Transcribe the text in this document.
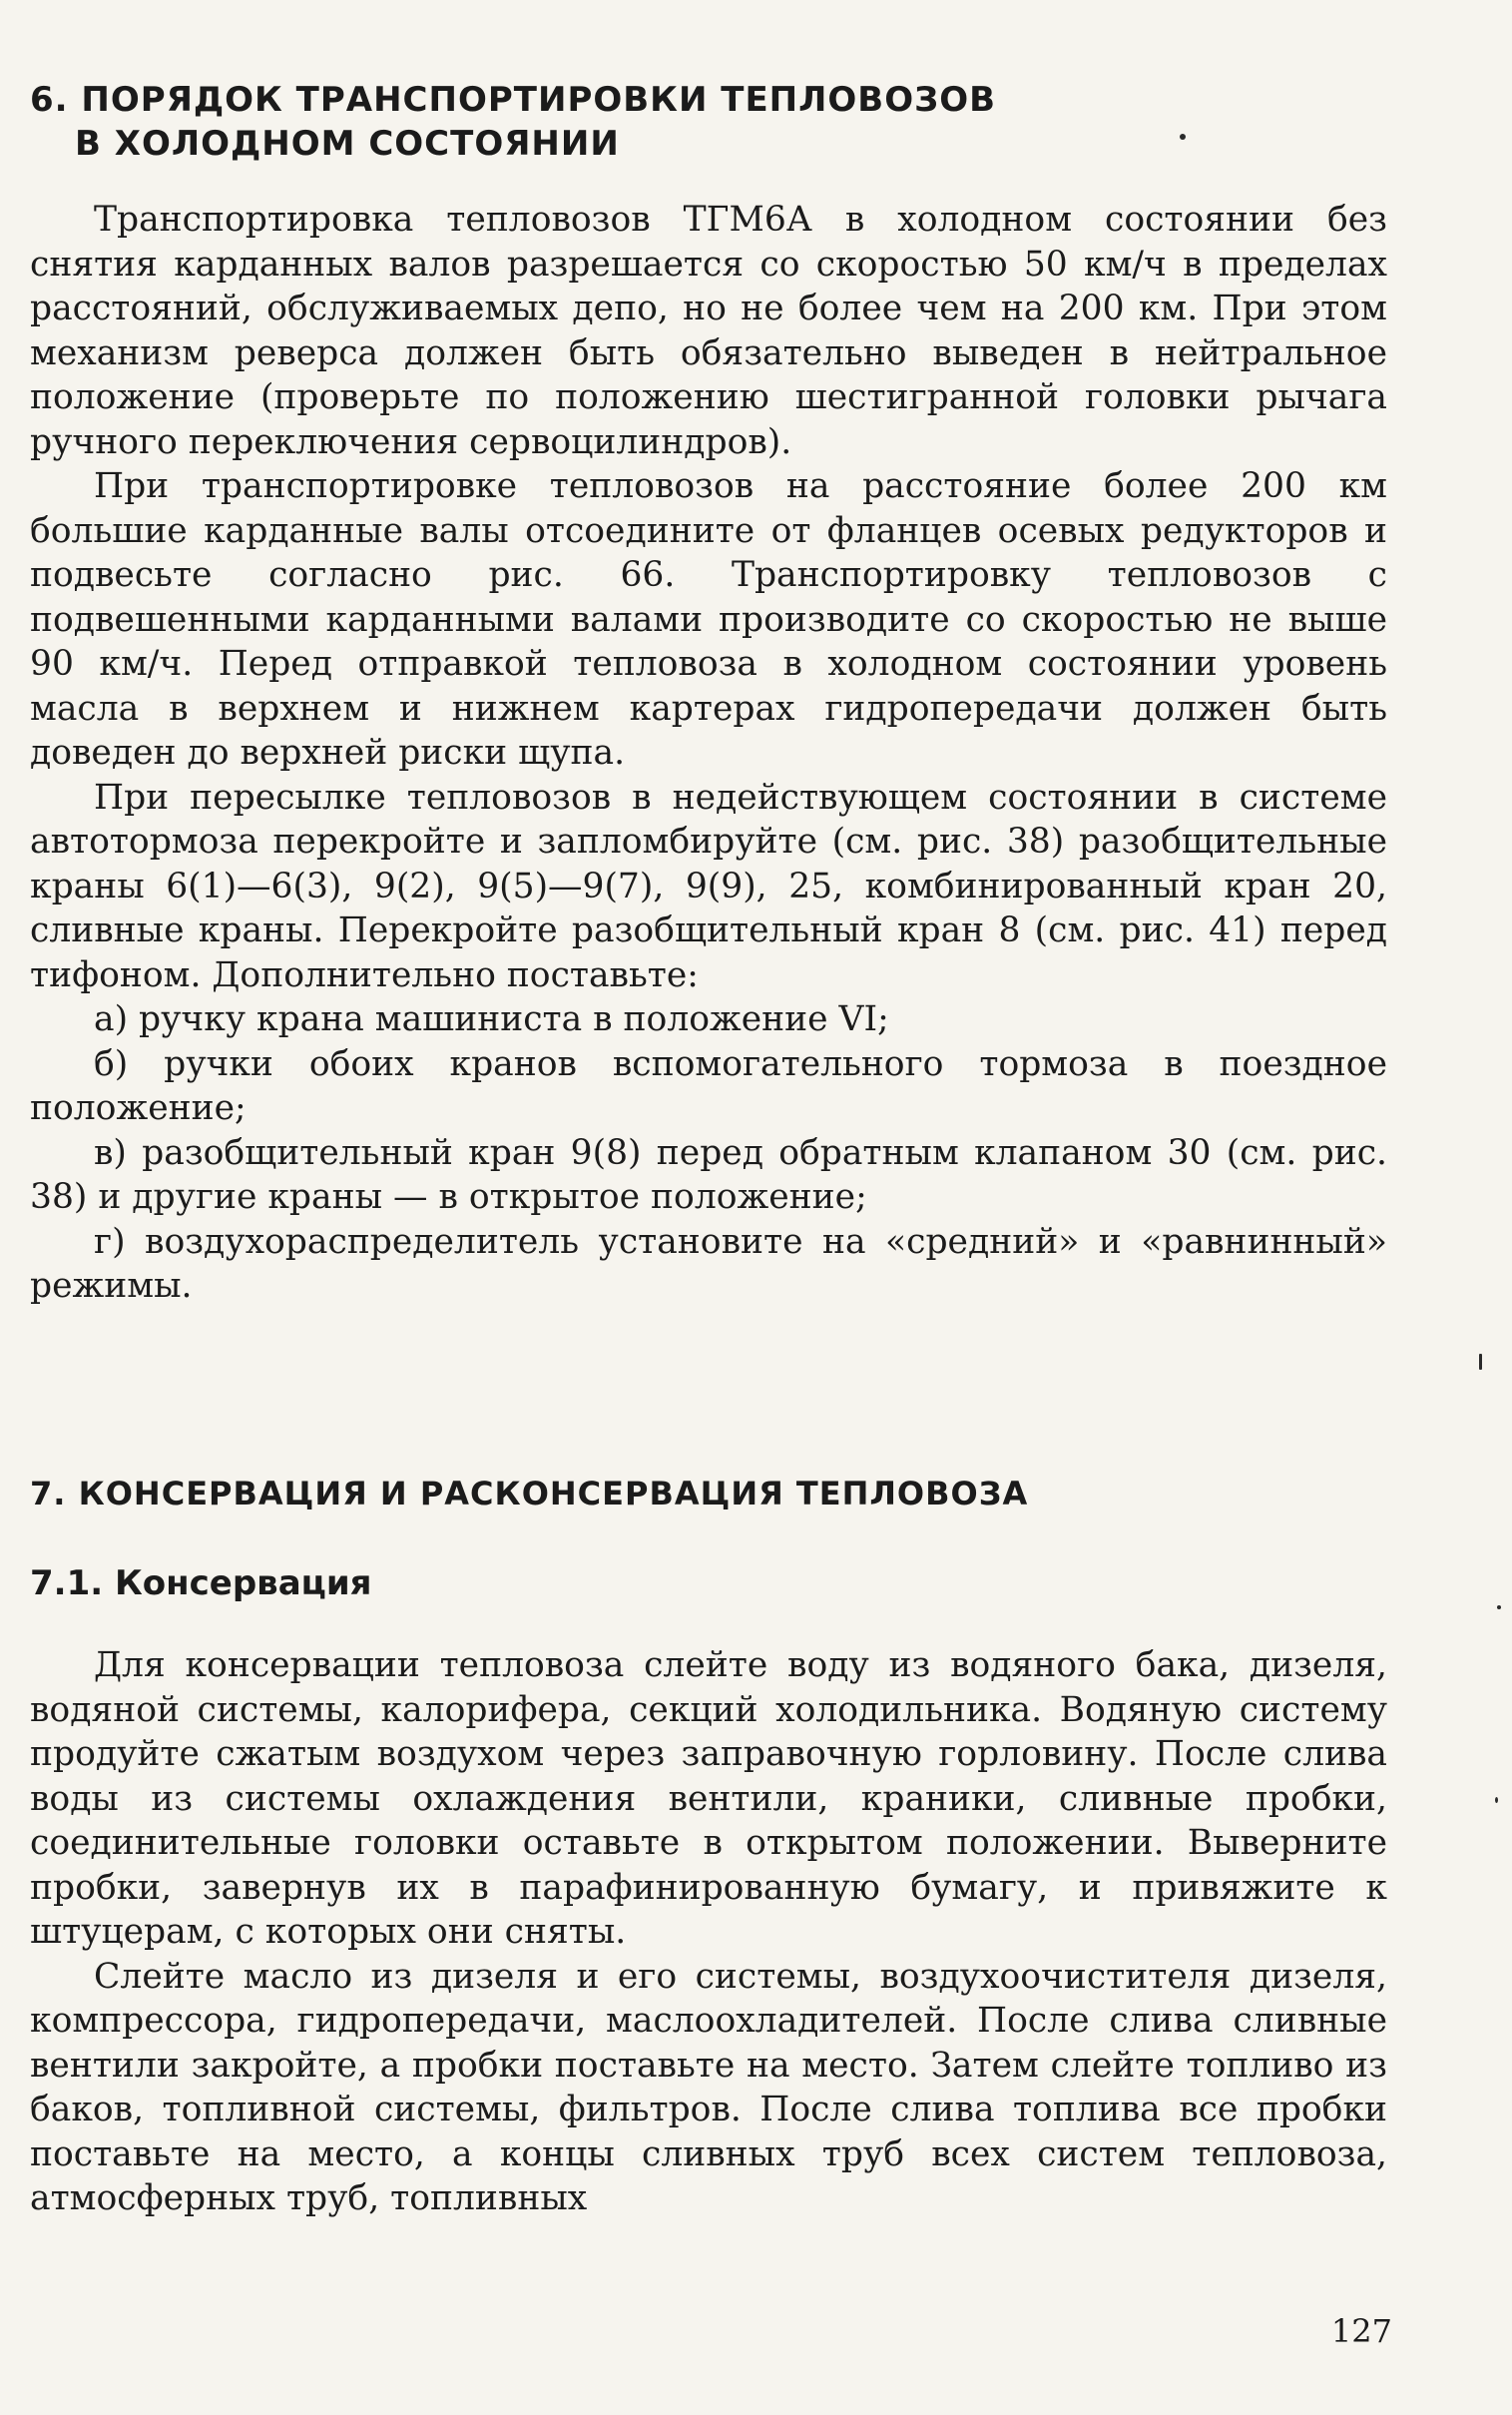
6. ПОРЯДОК ТРАНСПОРТИРОВКИ ТЕПЛОВОЗОВ
В ХОЛОДНОМ СОСТОЯНИИ

Транспортировка тепловозов ТГМ6А в холодном состоянии без снятия карданных валов разрешается со скоростью 50 км/ч в пределах расстояний, обслуживаемых депо, но не более чем на 200 км. При этом механизм реверса должен быть обязательно выведен в нейтральное положение (проверьте по положению шестигранной головки рычага ручного переключения сервоцилиндров).

При транспортировке тепловозов на расстояние более 200 км большие карданные валы отсоедините от фланцев осевых редукторов и подвесьте согласно рис. 66. Транспортировку тепловозов с подвешенными карданными валами производите со скоростью не выше 90 км/ч. Перед отправкой тепловоза в холодном состоянии уровень масла в верхнем и нижнем картерах гидропередачи должен быть доведен до верхней риски щупа.

При пересылке тепловозов в недействующем состоянии в системе автотормоза перекройте и запломбируйте (см. рис. 38) разобщительные краны 6(1)—6(3), 9(2), 9(5)—9(7), 9(9), 25, комбинированный кран 20, сливные краны. Перекройте разобщительный кран 8 (см. рис. 41) перед тифоном. Дополнительно поставьте:

а) ручку крана машиниста в положение VI;

б) ручки обоих кранов вспомогательного тормоза в поездное положение;

в) разобщительный кран 9(8) перед обратным клапаном 30 (см. рис. 38) и другие краны — в открытое положение;

г) воздухораспределитель установите на «средний» и «равнинный» режимы.

7. КОНСЕРВАЦИЯ И РАСКОНСЕРВАЦИЯ ТЕПЛОВОЗА
7.1. Консервация

Для консервации тепловоза слейте воду из водяного бака, дизеля, водяной системы, калорифера, секций холодильника. Водяную систему продуйте сжатым воздухом через заправочную горловину. После слива воды из системы охлаждения вентили, краники, сливные пробки, соединительные головки оставьте в открытом положении. Выверните пробки, завернув их в парафинированную бумагу, и привяжите к штуцерам, с которых они сняты.

Слейте масло из дизеля и его системы, воздухоочистителя дизеля, компрессора, гидропередачи, маслоохладителей. После слива сливные вентили закройте, а пробки поставьте на место. Затем слейте топливо из баков, топливной системы, фильтров. После слива топлива все пробки поставьте на место, а концы сливных труб всех систем тепловоза, атмосферных труб, топливных

127
